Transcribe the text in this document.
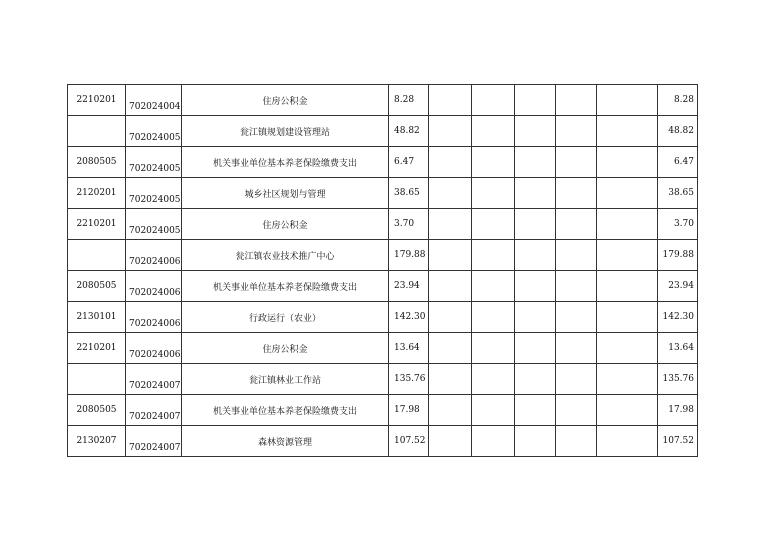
2210201	702024004	住房公积金	8.28						8.28

	702024005	瓮江镇规划建设管理站	48.82						48.82
2080505	702024005	机关事业单位基本养老保险缴费支出	6.47						6.47
2120201	702024005	城乡社区规划与管理	38.65						38.65
2210201	702024005	住房公积金	3.70						3.70

	702024006	瓮江镇农业技术推广中心	179.88						179.88
2080505	702024006	机关事业单位基本养老保险缴费支出	23.94						23.94
2130101	702024006	行政运行（农业）	142.30						142.30
2210201	702024006	住房公积金	13.64						13.64

	702024007	瓮江镇林业工作站	135.76						135.76
2080505	702024007	机关事业单位基本养老保险缴费支出	17.98						17.98
2130207	702024007	森林资源管理	107.52						107.52
